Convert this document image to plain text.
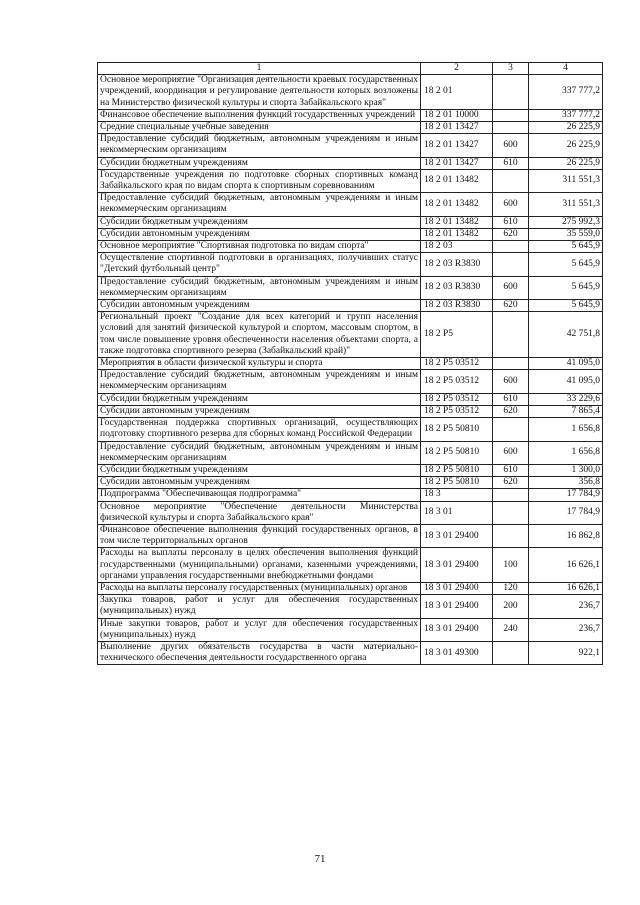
1	2	3	4
Основное мероприятие "Организация деятельности краевых государственных учреждений, координация и регулирование деятельности которых возложены на Министерство физической культуры и спорта Забайкальского края"	18 2 01		337 777,2
Финансовое обеспечение выполнения функций государственных учреждений	18 2 01 10000		337 777,2
Средние специальные учебные заведения	18 2 01 13427		26 225,9
Предоставление субсидий бюджетным, автономным учреждениям и иным некоммерческим организациям	18 2 01 13427	600	26 225,9
Субсидии бюджетным учреждениям	18 2 01 13427	610	26 225,9
Государственные учреждения по подготовке сборных спортивных команд Забайкальского края по видам спорта к спортивным соревнованиям	18 2 01 13482		311 551,3
Предоставление субсидий бюджетным, автономным учреждениям и иным некоммерческим организациям	18 2 01 13482	600	311 551,3
Субсидии бюджетным учреждениям	18 2 01 13482	610	275 992,3
Субсидии автономным учреждениям	18 2 01 13482	620	35 559,0
Основное мероприятие "Спортивная подготовка по видам спорта"	18 2 03		5 645,9
Осуществление спортивной подготовки в организациях, получивших статус "Детский футбольный центр"	18 2 03 R3830		5 645,9
Предоставление субсидий бюджетным, автономным учреждениям и иным некоммерческим организациям	18 2 03 R3830	600	5 645,9
Субсидии автономным учреждениям	18 2 03 R3830	620	5 645,9
Региональный проект "Создание для всех категорий и групп населения условий для занятий физической культурой и спортом, массовым спортом, в том числе повышение уровня обеспеченности населения объектами спорта, а также подготовка спортивного резерва (Забайкальский край)"	18 2 P5		42 751,8
Мероприятия в области физической культуры и спорта	18 2 P5 03512		41 095,0
Предоставление субсидий бюджетным, автономным учреждениям и иным некоммерческим организациям	18 2 P5 03512	600	41 095,0
Субсидии бюджетным учреждениям	18 2 P5 03512	610	33 229,6
Субсидии автономным учреждениям	18 2 P5 03512	620	7 865,4
Государственная поддержка спортивных организаций, осуществляющих подготовку спортивного резерва для сборных команд Российской Федерации	18 2 P5 50810		1 656,8
Предоставление субсидий бюджетным, автономным учреждениям и иным некоммерческим организациям	18 2 P5 50810	600	1 656,8
Субсидии бюджетным учреждениям	18 2 P5 50810	610	1 300,0
Субсидии автономным учреждениям	18 2 P5 50810	620	356,8
Подпрограмма "Обеспечивающая подпрограмма"	18 3		17 784,9
Основное мероприятие "Обеспечение деятельности Министерства физической культуры и спорта Забайкальского края"	18 3 01		17 784,9
Финансовое обеспечение выполнения функций государственных органов, в том числе территориальных органов	18 3 01 29400		16 862,8
Расходы на выплаты персоналу в целях обеспечения выполнения функций государственными (муниципальными) органами, казенными учреждениями, органами управления государственными внебюджетными фондами	18 3 01 29400	100	16 626,1
Расходы на выплаты персоналу государственных (муниципальных) органов	18 3 01 29400	120	16 626,1
Закупка товаров, работ и услуг для обеспечения государственных (муниципальных) нужд	18 3 01 29400	200	236,7
Иные закупки товаров, работ и услуг для обеспечения государственных (муниципальных) нужд	18 3 01 29400	240	236,7
Выполнение других обязательств государства в части материально-технического обеспечения деятельности государственного органа	18 3 01 49300		922,1
71
